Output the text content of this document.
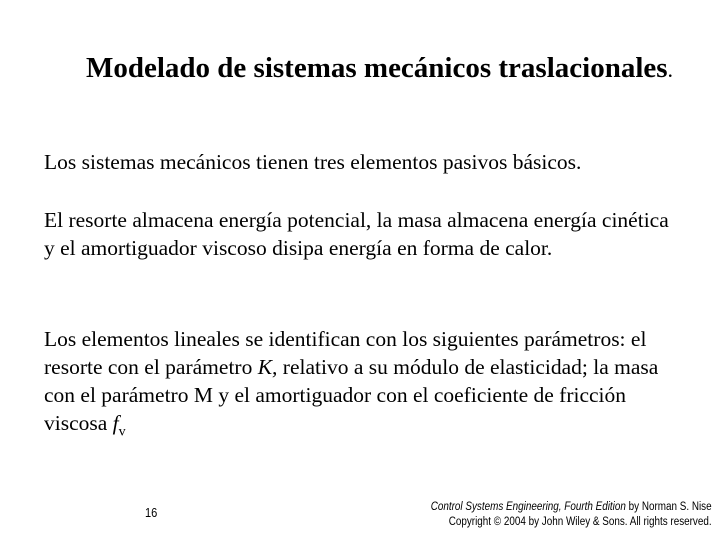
Modelado de sistemas mecánicos traslacionales.

Los sistemas mecánicos tienen tres elementos pasivos básicos.

El resorte almacena energía potencial, la masa almacena energía cinética y el amortiguador viscoso disipa energía en forma de calor.

Los elementos lineales se identifican con los siguientes parámetros: el resorte con el parámetro K, relativo a su módulo de elasticidad; la masa con el parámetro M y el amortiguador con el coeficiente de fricción viscosa $f_v$

16	Control Systems Engineering, Fourth Edition by Norman S. Nise
Copyright © 2004 by John Wiley & Sons. All rights reserved.
